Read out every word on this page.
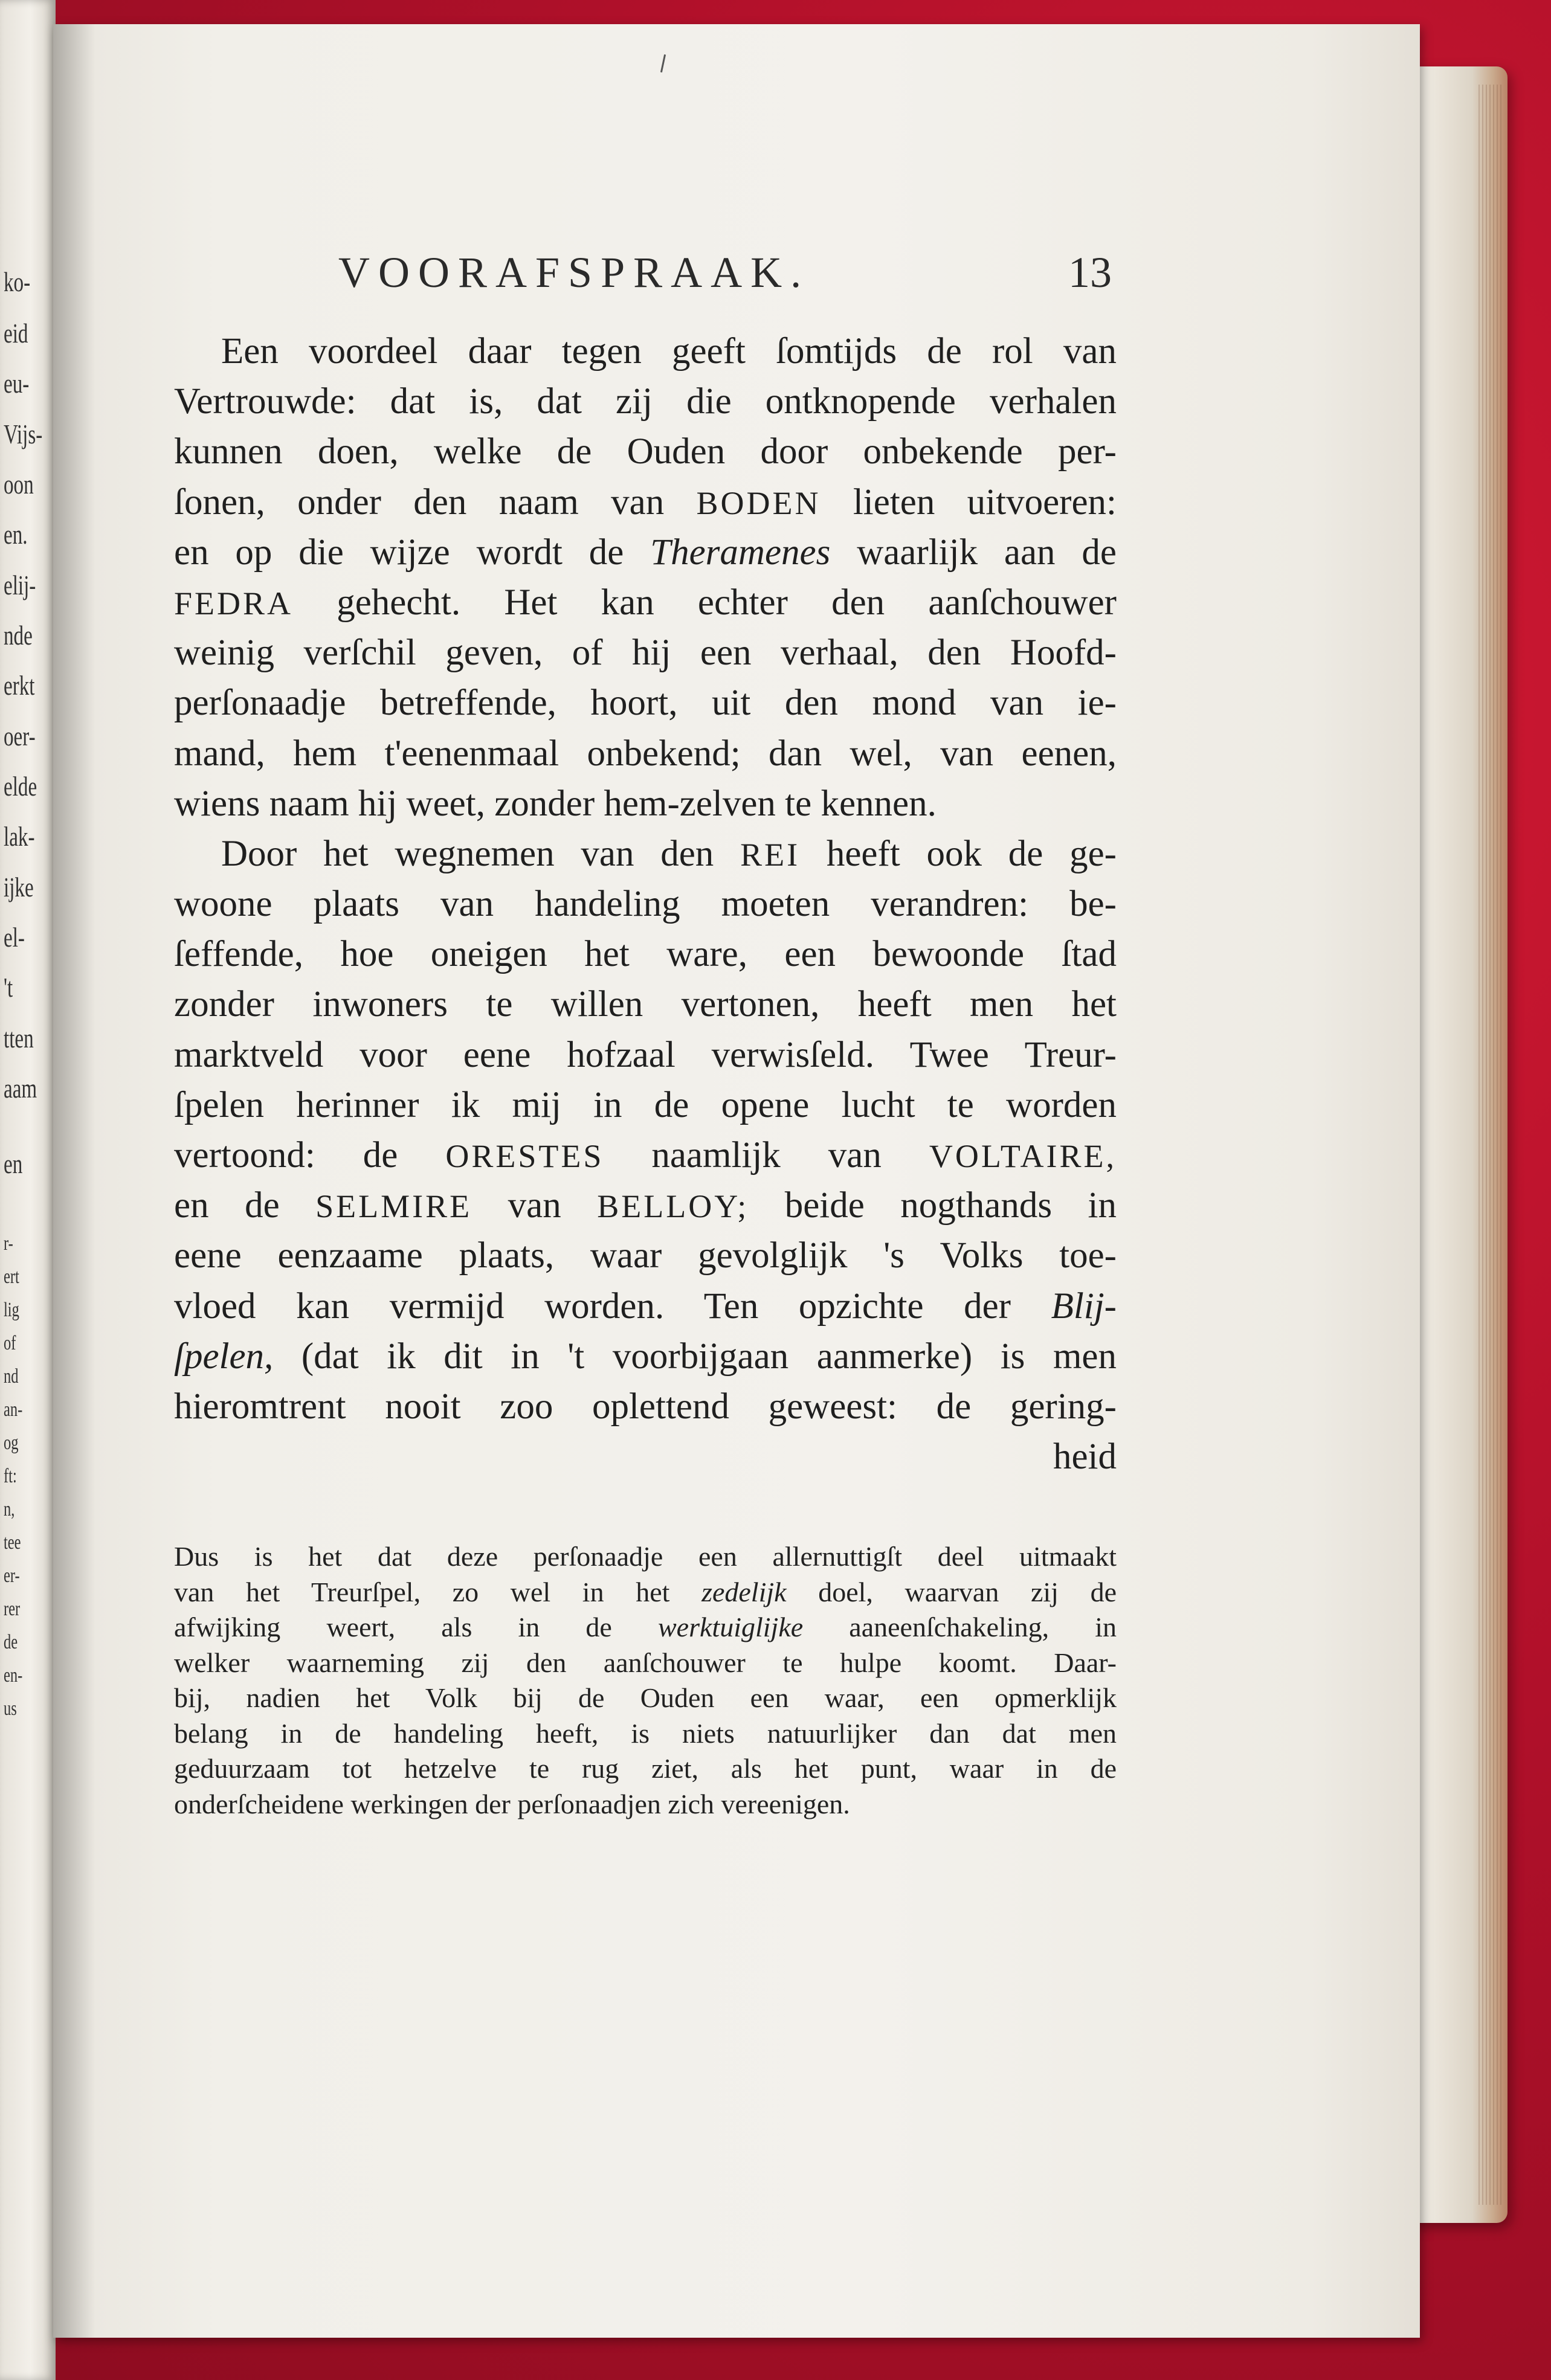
ko-
eid
eu-
Vijs-
oon
en.
elij-
nde
erkt
oer-
elde
lak-
ijke
el-
't
tten
aam
en
r-
ert
lig
of
nd
an-
og
ft:
n,
tee
er-
rer
de
en-
us
VOORAFSPRAAK.	13
Een voordeel daar tegen geeft ſomtijds de rol van
Vertrouwde: dat is, dat zij die ontknopende verhalen
kunnen doen, welke de Ouden door onbekende per-
ſonen, onder den naam van BODEN lieten uitvoeren:
en op die wijze wordt de Theramenes waarlijk aan de
FEDRA gehecht. Het kan echter den aanſchouwer
weinig verſchil geven, of hij een verhaal, den Hoofd-
perſonaadje betreffende, hoort, uit den mond van ie-
mand, hem t'eenenmaal onbekend; dan wel, van eenen,
wiens naam hij weet, zonder hem-zelven te kennen.
Door het wegnemen van den REI heeft ook de ge-
woone plaats van handeling moeten verandren: be-
ſeffende, hoe oneigen het ware, een bewoonde ſtad
zonder inwoners te willen vertonen, heeft men het
marktveld voor eene hofzaal verwisſeld. Twee Treur-
ſpelen herinner ik mij in de opene lucht te worden
vertoond: de ORESTES naamlijk van VOLTAIRE,
en de SELMIRE van BELLOY; beide nogthands in
eene eenzaame plaats, waar gevolglijk 's Volks toe-
vloed kan vermijd worden. Ten opzichte der Blij-
ſpelen, (dat ik dit in 't voorbijgaan aanmerke) is men
hieromtrent nooit zoo oplettend geweest: de gering-
heid
Dus is het dat deze perſonaadje een allernuttigſt deel uitmaakt
van het Treurſpel, zo wel in het zedelijk doel, waarvan zij de
afwijking weert, als in de werktuiglijke aaneenſchakeling, in
welker waarneming zij den aanſchouwer te hulpe koomt. Daar-
bij, nadien het Volk bij de Ouden een waar, een opmerklijk
belang in de handeling heeft, is niets natuurlijker dan dat men
geduurzaam tot hetzelve te rug ziet, als het punt, waar in de
onderſcheidene werkingen der perſonaadjen zich vereenigen.
